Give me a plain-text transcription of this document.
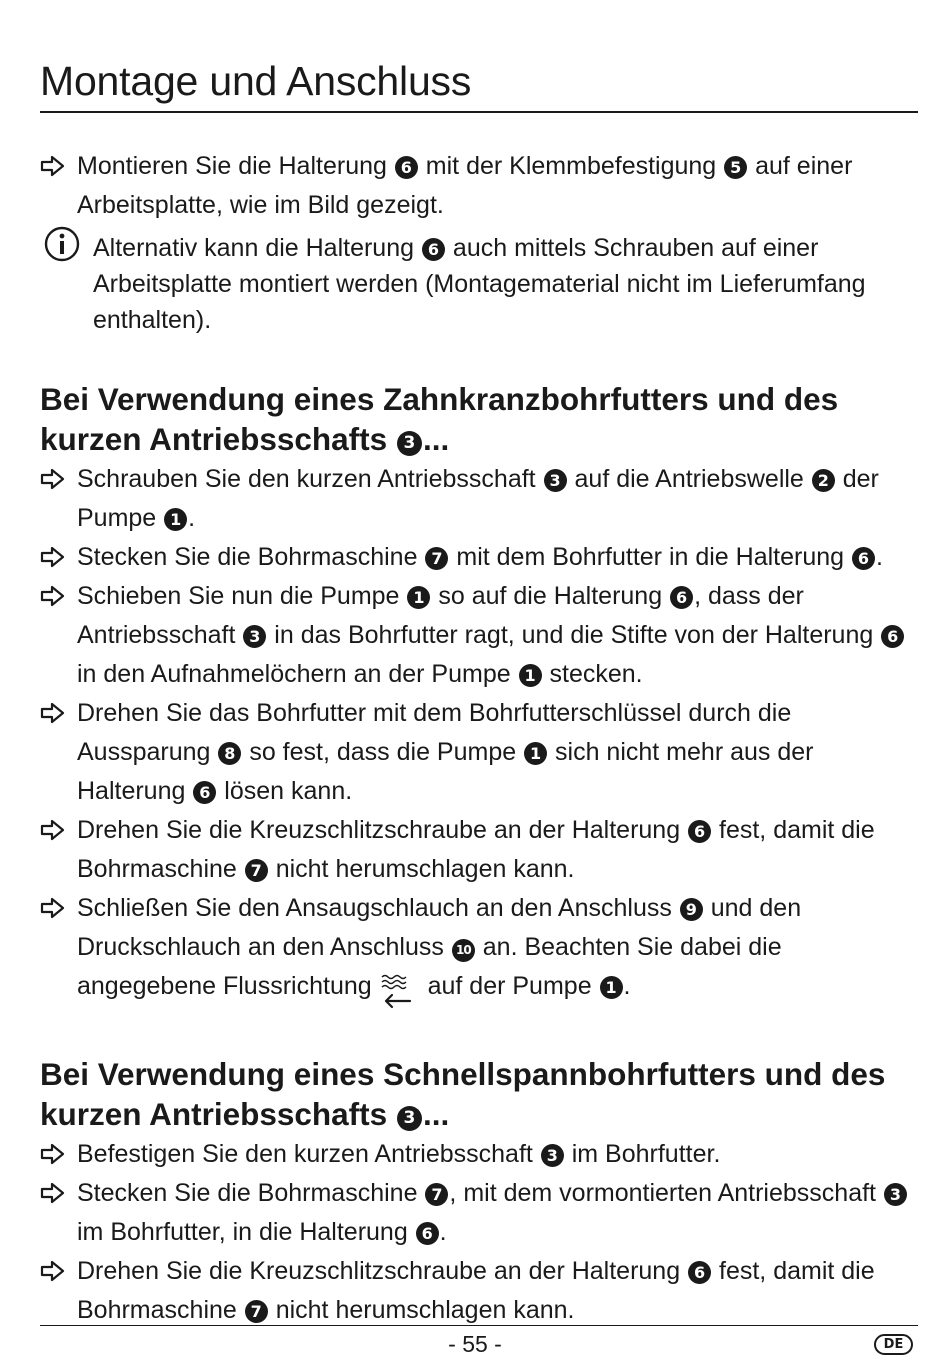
Montage und Anschluss

Montieren Sie die Halterung 6 mit der Klemmbefestigung 5 auf einer Arbeitsplatte, wie im Bild gezeigt.

Alternativ kann die Halterung 6 auch mittels Schrauben auf einer Arbeitsplatte montiert werden (Montagematerial nicht im Lieferumfang enthalten).
Bei Verwendung eines Zahnkranzbohrfutters und des kurzen Antriebsschafts 3 ...

Schrauben Sie den kurzen Antriebsschaft 3 auf die Antriebswelle 2 der Pumpe 1 .

Stecken Sie die Bohrmaschine 7 mit dem Bohrfutter in die Halterung 6 .

Schieben Sie nun die Pumpe 1 so auf die Halterung 6 , dass der Antriebsschaft 3 in das Bohrfutter ragt, und die Stifte von der Halterung 6 in den Aufnahmelöchern an der Pumpe 1 stecken.

Drehen Sie das Bohrfutter mit dem Bohrfutterschlüssel durch die Aussparung 8 so fest, dass die Pumpe 1 sich nicht mehr aus der Halterung 6 lösen kann.

Drehen Sie die Kreuzschlitzschraube an der Halterung 6 fest, damit die Bohrmaschine 7 nicht herumschlagen kann.

Schließen Sie den Ansaugschlauch an den Anschluss 9 und den Druckschlauch an den Anschluss 10 an. Beachten Sie dabei die angegebene Flussrichtung auf der Pumpe 1 .

Bei Verwendung eines Schnellspannbohrfutters und des kurzen Antriebsschafts 3 ...

Befestigen Sie den kurzen Antriebsschaft 3 im Bohrfutter.

Stecken Sie die Bohrmaschine 7 , mit dem vormontierten Antriebsschaft 3 im Bohrfutter, in die Halterung 6 .

Drehen Sie die Kreuzschlitzschraube an der Halterung 6 fest, damit die Bohrmaschine 7 nicht herumschlagen kann.

- 55 -	DE
